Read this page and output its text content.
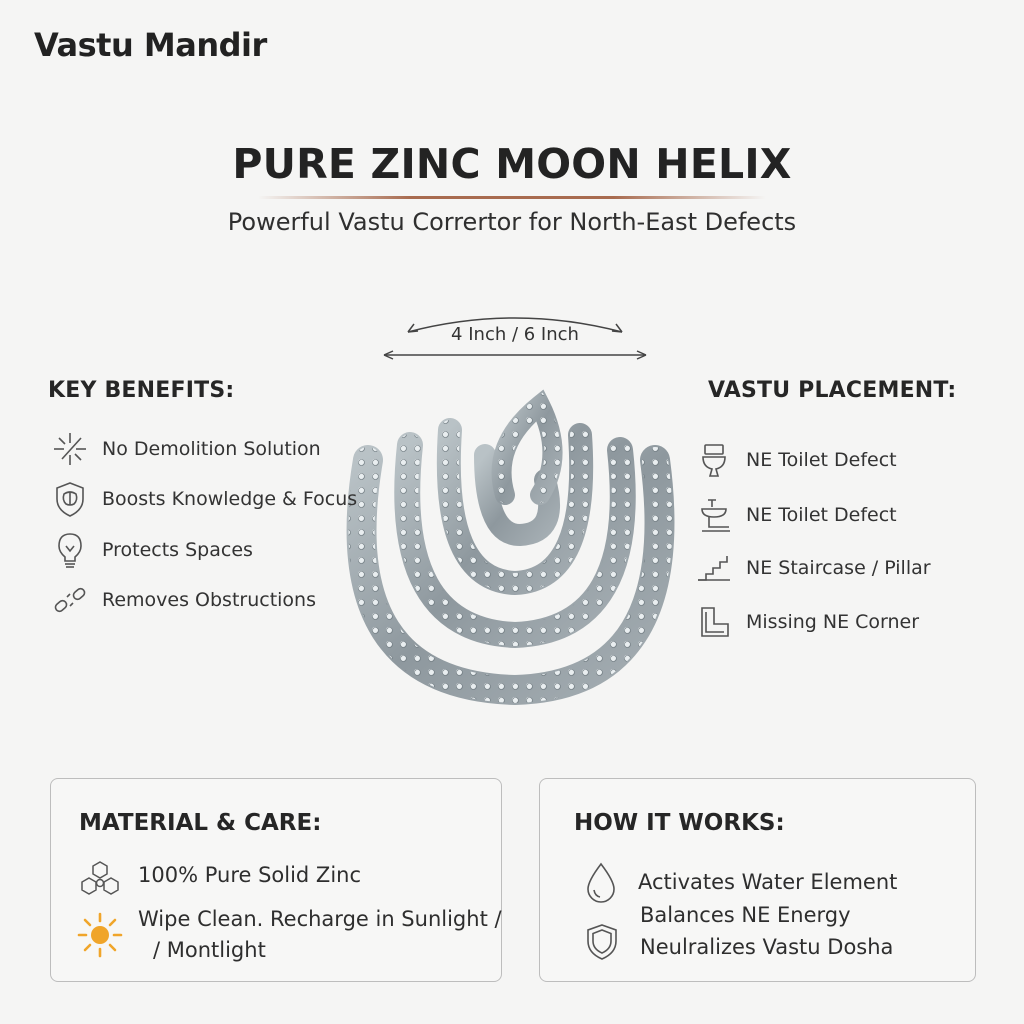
Vastu Mandir
PURE ZINC MOON HELIX
Powerful Vastu Corrertor for North-East Defects
4 Inch / 6 Inch
KEY BENEFITS:
No Demolition Solution
Boosts Knowledge & Focus
Protects Spaces
Removes Obstructions
VASTU PLACEMENT:
NE Toilet Defect
NE Toilet Defect
NE Staircase / Pillar
Missing NE Corner
MATERIAL & CARE:
100% Pure Solid Zinc
Wipe Clean. Recharge in Sunlight /
/ Montlight
HOW IT WORKS:
Activates Water Element
Balances NE Energy
Neulralizes Vastu Dosha
